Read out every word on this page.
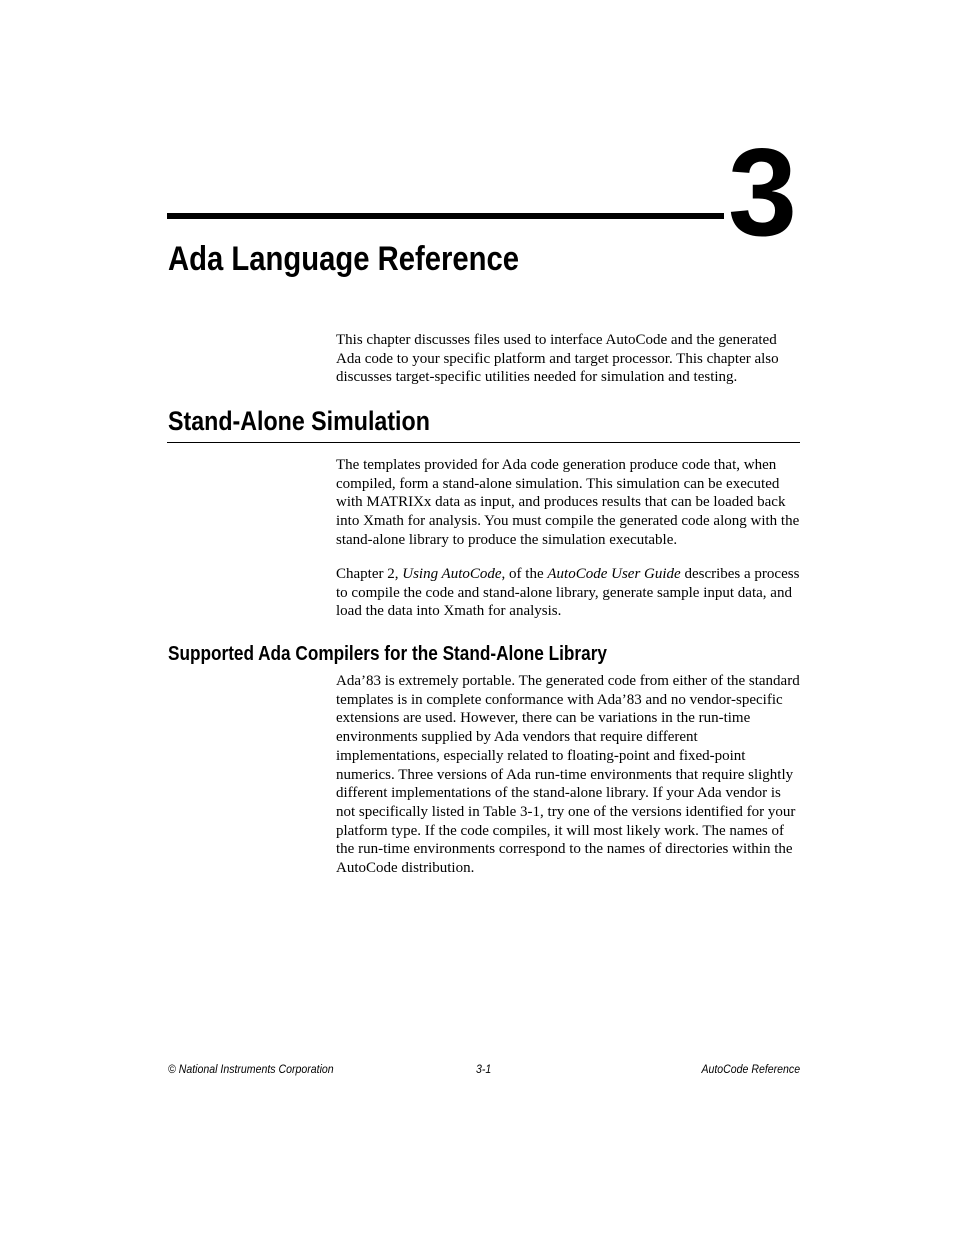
3
Ada Language Reference

This chapter discusses files used to interface AutoCode and the generated Ada code to your specific platform and target processor. This chapter also discusses target-specific utilities needed for simulation and testing.

Stand-Alone Simulation

The templates provided for Ada code generation produce code that, when compiled, form a stand-alone simulation. This simulation can be executed with MATRIXx data as input, and produces results that can be loaded back into Xmath for analysis. You must compile the generated code along with the stand-alone library to produce the simulation executable.

Chapter 2, Using AutoCode, of the AutoCode User Guide describes a process to compile the code and stand-alone library, generate sample input data, and load the data into Xmath for analysis.

Supported Ada Compilers for the Stand-Alone Library

Ada’83 is extremely portable. The generated code from either of the standard templates is in complete conformance with Ada’83 and no vendor-specific extensions are used. However, there can be variations in the run-time environments supplied by Ada vendors that require different implementations, especially related to floating-point and fixed-point numerics. Three versions of Ada run-time environments that require slightly different implementations of the stand-alone library. If your Ada vendor is not specifically listed in Table 3-1, try one of the versions identified for your platform type. If the code compiles, it will most likely work. The names of the run-time environments correspond to the names of directories within the AutoCode distribution.

© National Instruments Corporation	3-1	AutoCode Reference
